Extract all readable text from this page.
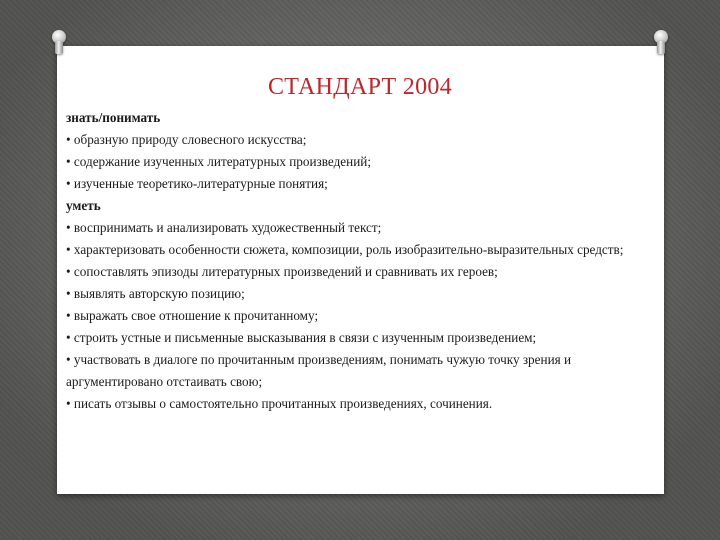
СТАНДАРТ 2004
знать/понимать
• образную природу словесного искусства;
• содержание изученных литературных произведений;
• изученные теоретико-литературные понятия;
уметь
• воспринимать и анализировать художественный текст;
• характеризовать особенности сюжета, композиции, роль изобразительно-выразительных средств;
• сопоставлять эпизоды литературных произведений и сравнивать их героев;
• выявлять авторскую позицию;
• выражать свое отношение к прочитанному;
• строить устные и письменные высказывания в связи с изученным произведением;
• участвовать в диалоге по прочитанным произведениям, понимать чужую точку зрения и аргументировано отстаивать свою;
• писать отзывы о самостоятельно прочитанных произведениях, сочинения.
